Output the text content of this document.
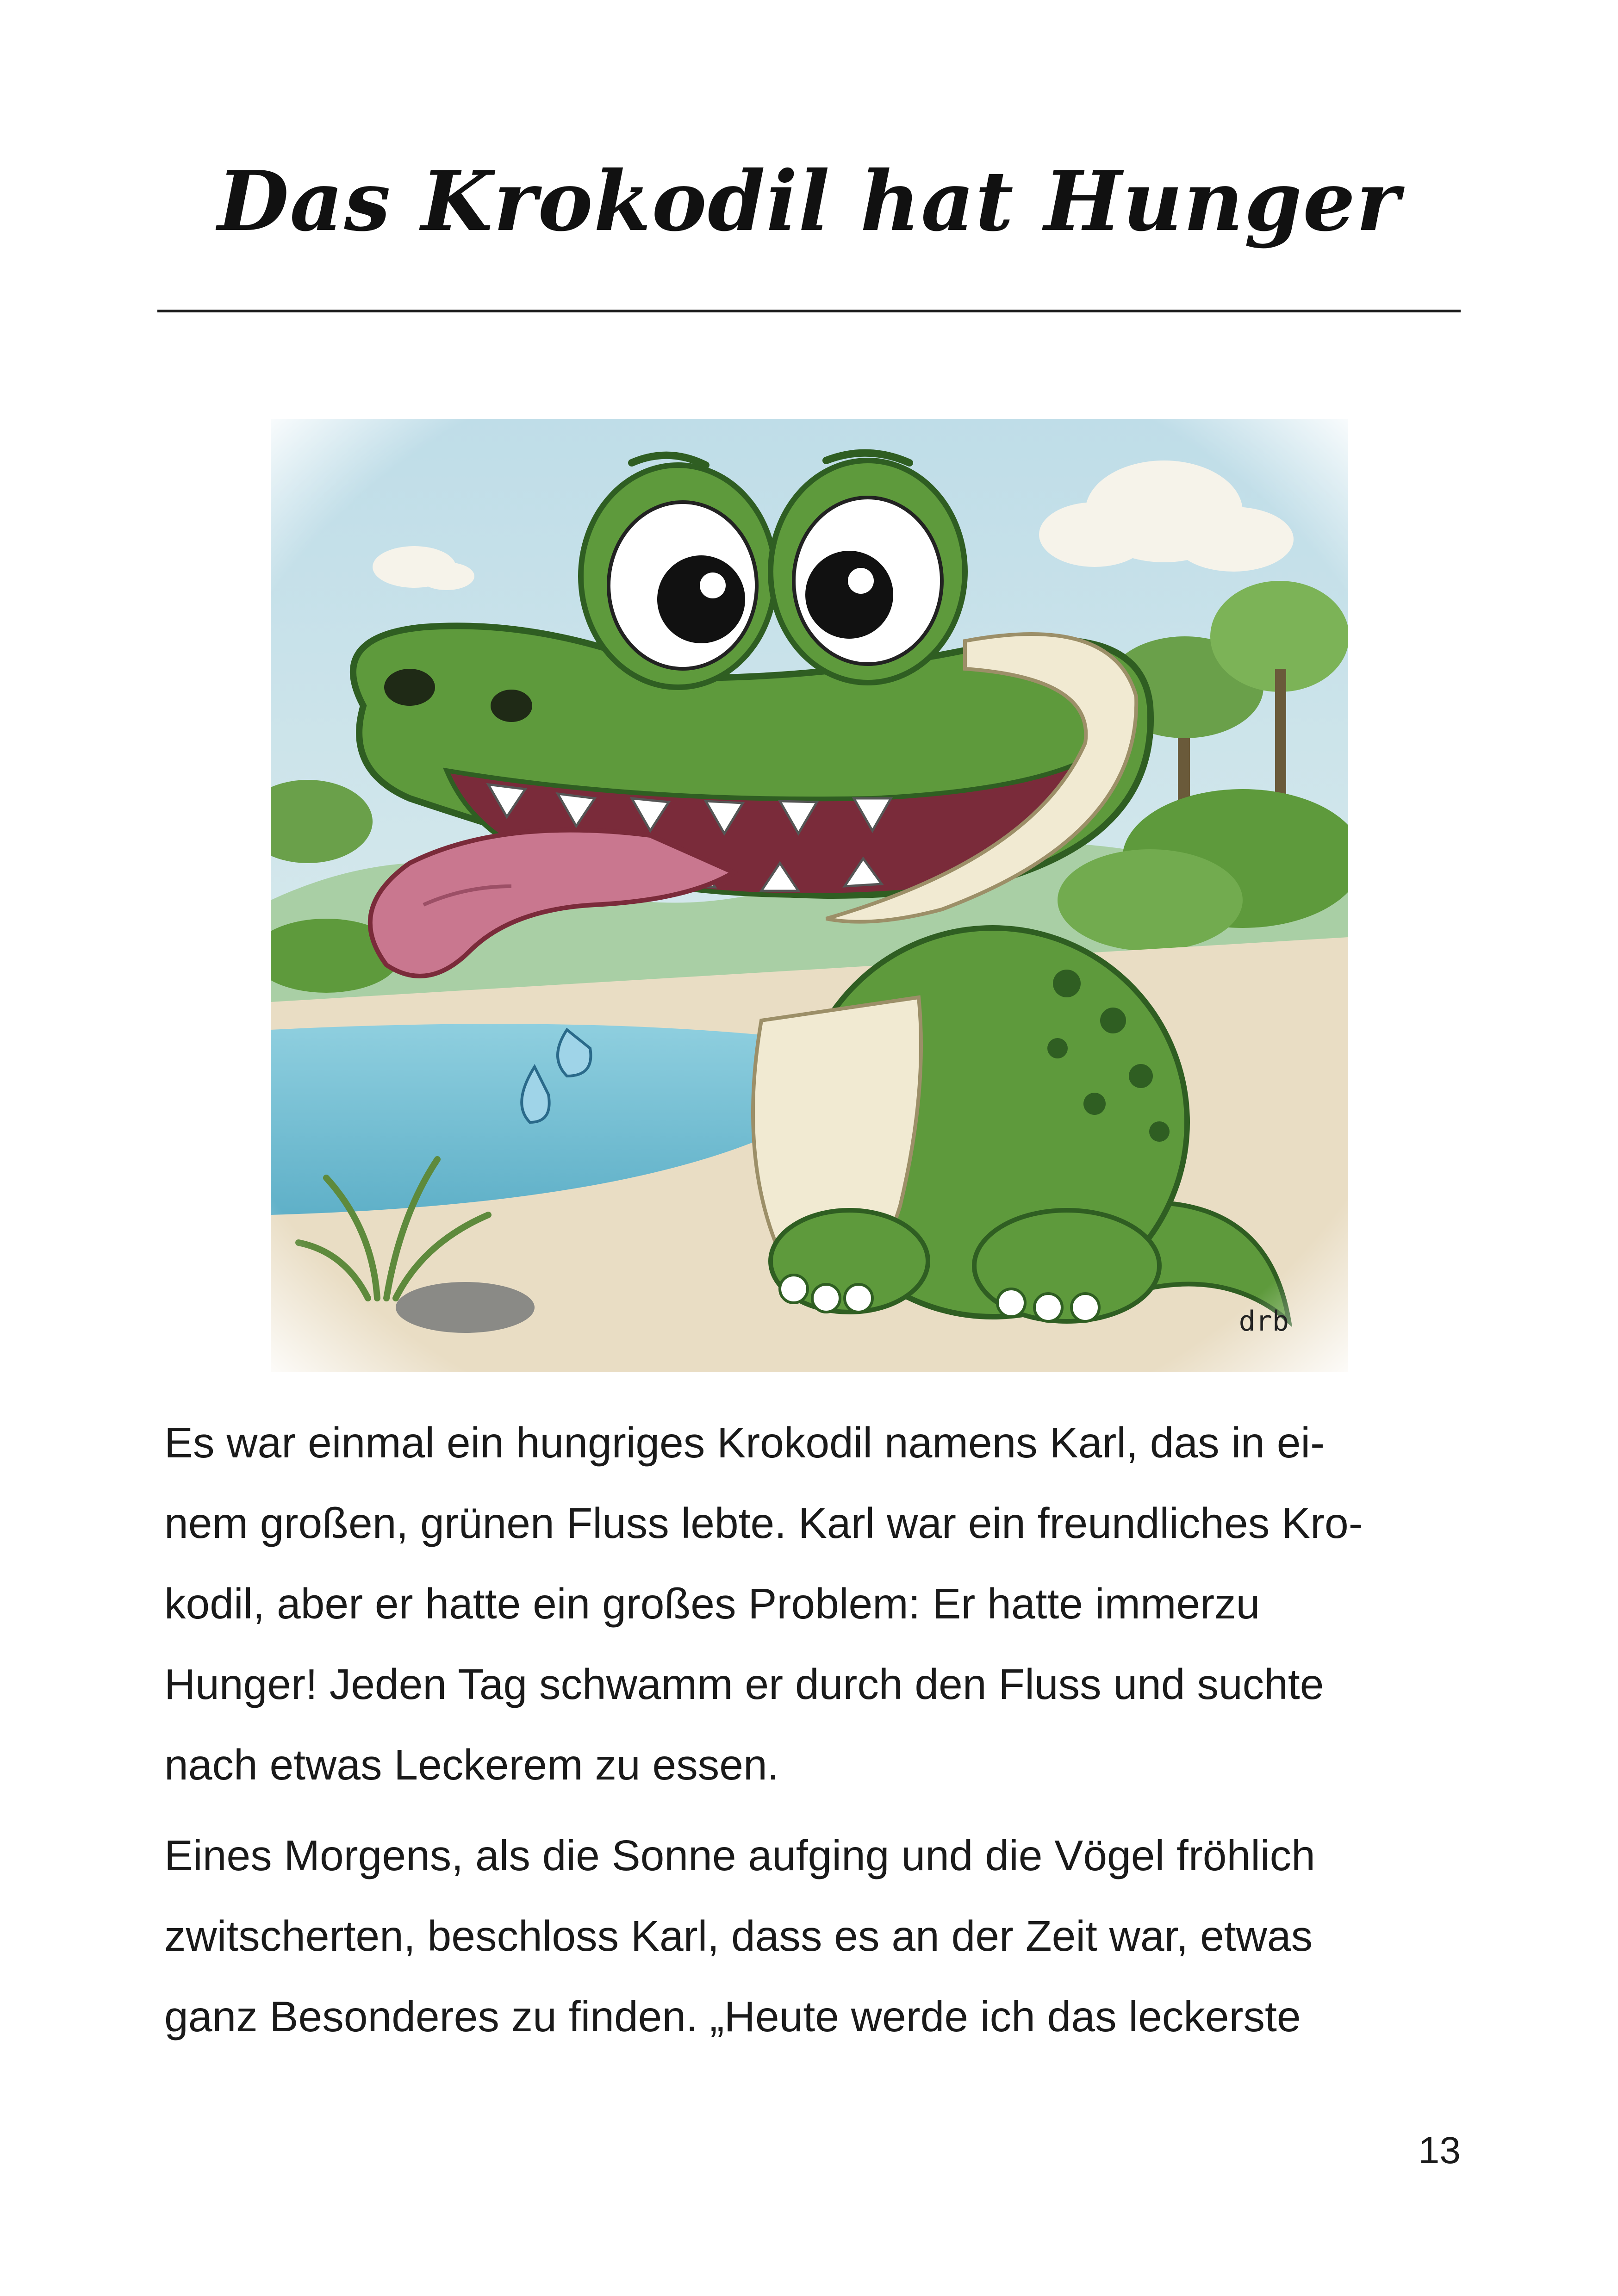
Das Krokodil hat Hunger
drb

Es war einmal ein hungriges Krokodil namens Karl, das in ei-
nem großen, grünen Fluss lebte. Karl war ein freundliches Kro-
kodil, aber er hatte ein großes Problem: Er hatte immerzu
Hunger! Jeden Tag schwamm er durch den Fluss und suchte
nach etwas Leckerem zu essen.

Eines Morgens, als die Sonne aufging und die Vögel fröhlich
zwitscherten, beschloss Karl, dass es an der Zeit war, etwas
ganz Besonderes zu finden. „Heute werde ich das leckerste

13
